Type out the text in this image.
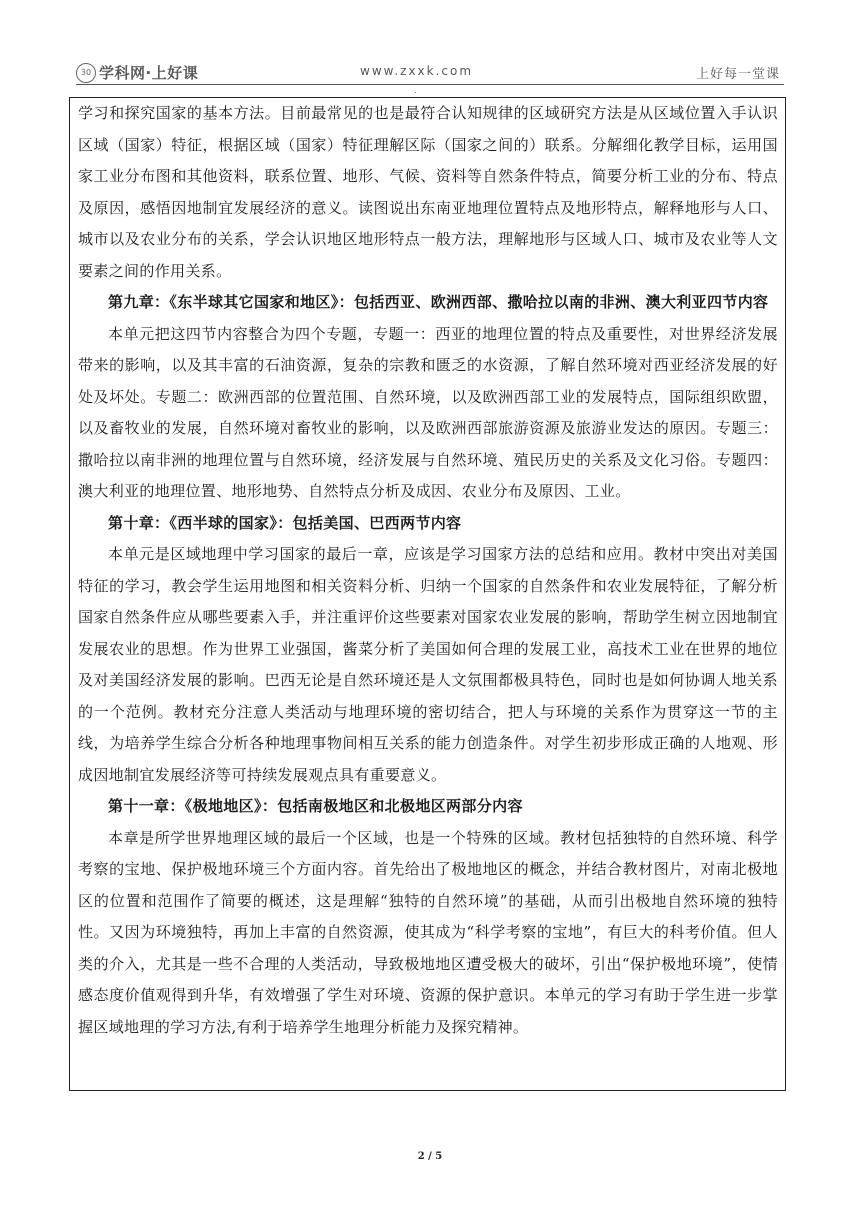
30 学科网·上好课	www.zxxk.com	上好每一堂课
.

学习和探究国家的基本方法。目前最常见的也是最符合认知规律的区域研究方法是从区域位置入手认识区域（国家）特征，根据区域（国家）特征理解区际（国家之间的）联系。分解细化教学目标，运用国家工业分布图和其他资料，联系位置、地形、气候、资料等自然条件特点，简要分析工业的分布、特点及原因，感悟因地制宜发展经济的意义。读图说出东南亚地理位置特点及地形特点，解释地形与人口、城市以及农业分布的关系，学会认识地区地形特点一般方法，理解地形与区域人口、城市及农业等人文要素之间的作用关系。

第九章：《东半球其它国家和地区》：包括西亚、欧洲西部、撒哈拉以南的非洲、澳大利亚四节内容

本单元把这四节内容整合为四个专题，专题一：西亚的地理位置的特点及重要性，对世界经济发展带来的影响，以及其丰富的石油资源，复杂的宗教和匮乏的水资源，了解自然环境对西亚经济发展的好处及坏处。专题二：欧洲西部的位置范围、自然环境，以及欧洲西部工业的发展特点，国际组织欧盟，以及畜牧业的发展，自然环境对畜牧业的影响，以及欧洲西部旅游资源及旅游业发达的原因。专题三：撒哈拉以南非洲的地理位置与自然环境，经济发展与自然环境、殖民历史的关系及文化习俗。专题四：澳大利亚的地理位置、地形地势、自然特点分析及成因、农业分布及原因、工业。

第十章：《西半球的国家》：包括美国、巴西两节内容

本单元是区域地理中学习国家的最后一章，应该是学习国家方法的总结和应用。教材中突出对美国特征的学习，教会学生运用地图和相关资料分析、归纳一个国家的自然条件和农业发展特征，了解分析国家自然条件应从哪些要素入手，并注重评价这些要素对国家农业发展的影响，帮助学生树立因地制宜发展农业的思想。作为世界工业强国，酱菜分析了美国如何合理的发展工业，高技术工业在世界的地位及对美国经济发展的影响。巴西无论是自然环境还是人文氛围都极具特色，同时也是如何协调人地关系的一个范例。教材充分注意人类活动与地理环境的密切结合，把人与环境的关系作为贯穿这一节的主线，为培养学生综合分析各种地理事物间相互关系的能力创造条件。对学生初步形成正确的人地观、形成因地制宜发展经济等可持续发展观点具有重要意义。

第十一章：《极地地区》：包括南极地区和北极地区两部分内容

本章是所学世界地理区域的最后一个区域，也是一个特殊的区域。教材包括独特的自然环境、科学考察的宝地、保护极地环境三个方面内容。首先给出了极地地区的概念，并结合教材图片，对南北极地区的位置和范围作了简要的概述，这是理解“独特的自然环境”的基础，从而引出极地自然环境的独特性。又因为环境独特，再加上丰富的自然资源，使其成为“科学考察的宝地”，有巨大的科考价值。但人类的介入，尤其是一些不合理的人类活动，导致极地地区遭受极大的破坏，引出“保护极地环境”，使情感态度价值观得到升华，有效增强了学生对环境、资源的保护意识。本单元的学习有助于学生进一步掌握区域地理的学习方法,有利于培养学生地理分析能力及探究精神。

2 / 5
